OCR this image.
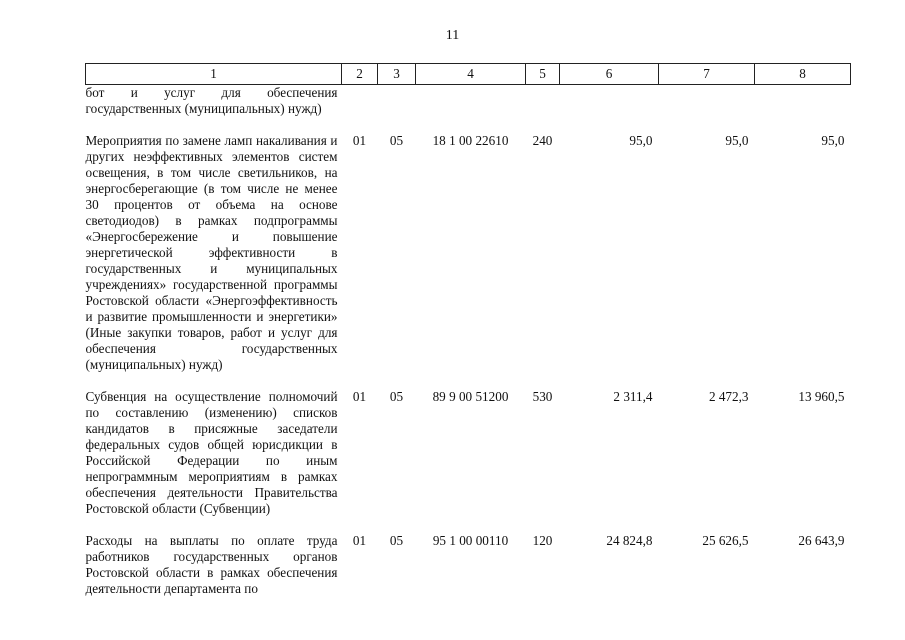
11
1	2	3	4	5	6	7	8
бот и услуг для обеспечения государственных (муниципальных) нужд)							
Мероприятия по замене ламп накаливания и других неэффективных элементов систем освещения, в том числе светильников, на энергосберегающие (в том числе не менее 30 процентов от объема на основе светодиодов) в рамках подпрограммы «Энергосбережение и повышение энергетической эффективности в государственных и муниципальных учреждениях» государственной программы Ростовской области «Энергоэффективность и развитие промышленности и энергетики» (Иные закупки товаров, работ и услуг для обеспечения государственных (муниципальных) нужд)	01	05	18 1 00 22610	240	95,0	95,0	95,0
Субвенция на осуществление полномочий по составлению (изменению) списков кандидатов в присяжные заседатели федеральных судов общей юрисдикции в Российской Федерации по иным непрограммным мероприятиям в рамках обеспечения деятельности Правительства Ростовской области (Субвенции)	01	05	89 9 00 51200	530	2 311,4	2 472,3	13 960,5
Расходы на выплаты по оплате труда работников государственных органов Ростовской области в рамках обеспечения деятельности департамента по	01	05	95 1 00 00110	120	24 824,8	25 626,5	26 643,9
